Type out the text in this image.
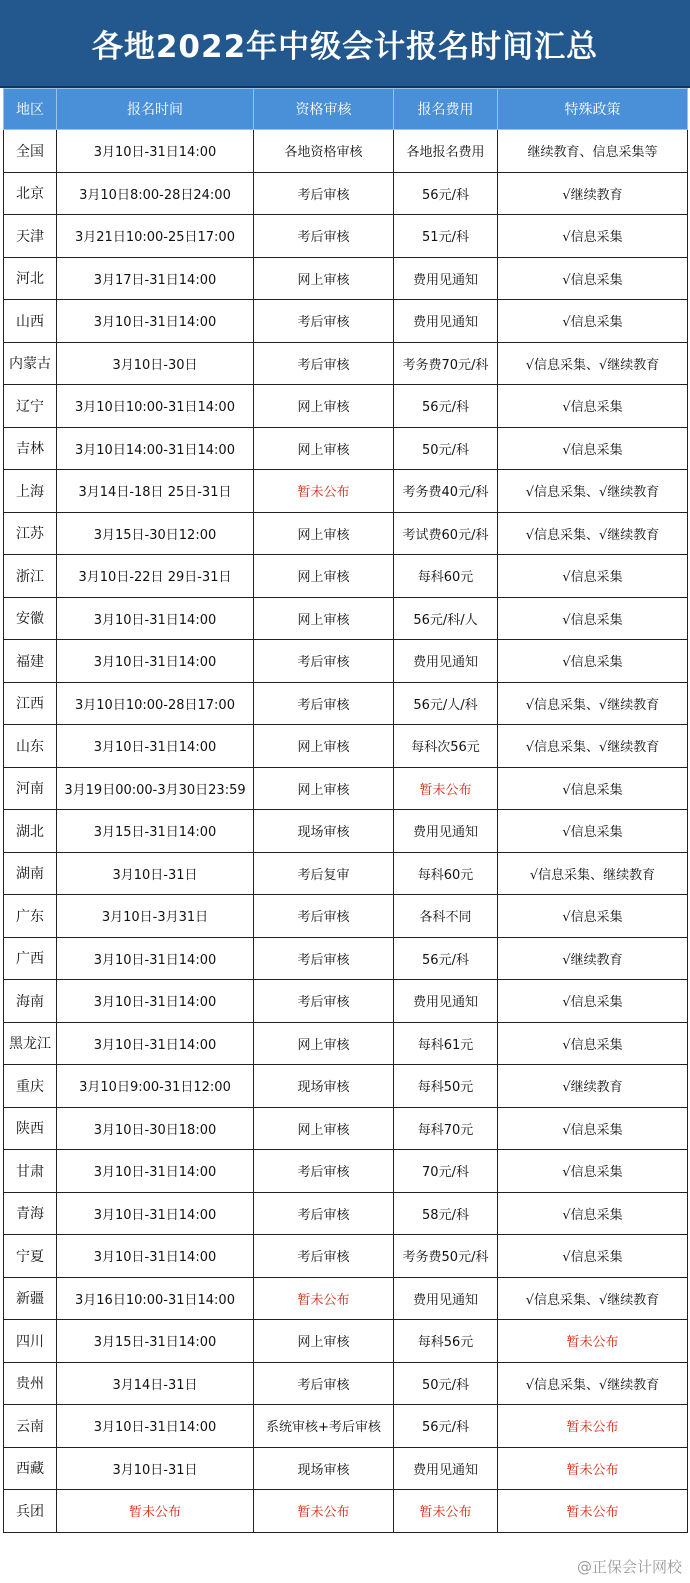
各地2022年中级会计报名时间汇总
地区	报名时间	资格审核	报名费用	特殊政策
全国	3月10日-31日14:00	各地资格审核	各地报名费用	继续教育、信息采集等
北京	3月10日8:00-28日24:00	考后审核	56元/科	√继续教育
天津	3月21日10:00-25日17:00	考后审核	51元/科	√信息采集
河北	3月17日-31日14:00	网上审核	费用见通知	√信息采集
山西	3月10日-31日14:00	考后审核	费用见通知	√信息采集
内蒙古	3月10日-30日	考后审核	考务费70元/科	√信息采集、√继续教育
辽宁	3月10日10:00-31日14:00	网上审核	56元/科	√信息采集
吉林	3月10日14:00-31日14:00	网上审核	50元/科	√信息采集
上海	3月14日-18日 25日-31日	暂未公布	考务费40元/科	√信息采集、√继续教育
江苏	3月15日-30日12:00	网上审核	考试费60元/科	√信息采集、√继续教育
浙江	3月10日-22日 29日-31日	网上审核	每科60元	√信息采集
安徽	3月10日-31日14:00	网上审核	56元/科/人	√信息采集
福建	3月10日-31日14:00	考后审核	费用见通知	√信息采集
江西	3月10日10:00-28日17:00	考后审核	56元/人/科	√信息采集、√继续教育
山东	3月10日-31日14:00	网上审核	每科次56元	√信息采集、√继续教育
河南	3月19日00:00-3月30日23:59	网上审核	暂未公布	√信息采集
湖北	3月15日-31日14:00	现场审核	费用见通知	√信息采集
湖南	3月10日-31日	考后复审	每科60元	√信息采集、继续教育
广东	3月10日-3月31日	考后审核	各科不同	√信息采集
广西	3月10日-31日14:00	考后审核	56元/科	√继续教育
海南	3月10日-31日14:00	考后审核	费用见通知	√信息采集
黑龙江	3月10日-31日14:00	网上审核	每科61元	√信息采集
重庆	3月10日9:00-31日12:00	现场审核	每科50元	√继续教育
陕西	3月10日-30日18:00	网上审核	每科70元	√信息采集
甘肃	3月10日-31日14:00	考后审核	70元/科	√信息采集
青海	3月10日-31日14:00	考后审核	58元/科	√信息采集
宁夏	3月10日-31日14:00	考后审核	考务费50元/科	√信息采集
新疆	3月16日10:00-31日14:00	暂未公布	费用见通知	√信息采集、√继续教育
四川	3月15日-31日14:00	网上审核	每科56元	暂未公布
贵州	3月14日-31日	考后审核	50元/科	√信息采集、√继续教育
云南	3月10日-31日14:00	系统审核+考后审核	56元/科	暂未公布
西藏	3月10日-31日	现场审核	费用见通知	暂未公布
兵团	暂未公布	暂未公布	暂未公布	暂未公布
@正保会计网校
